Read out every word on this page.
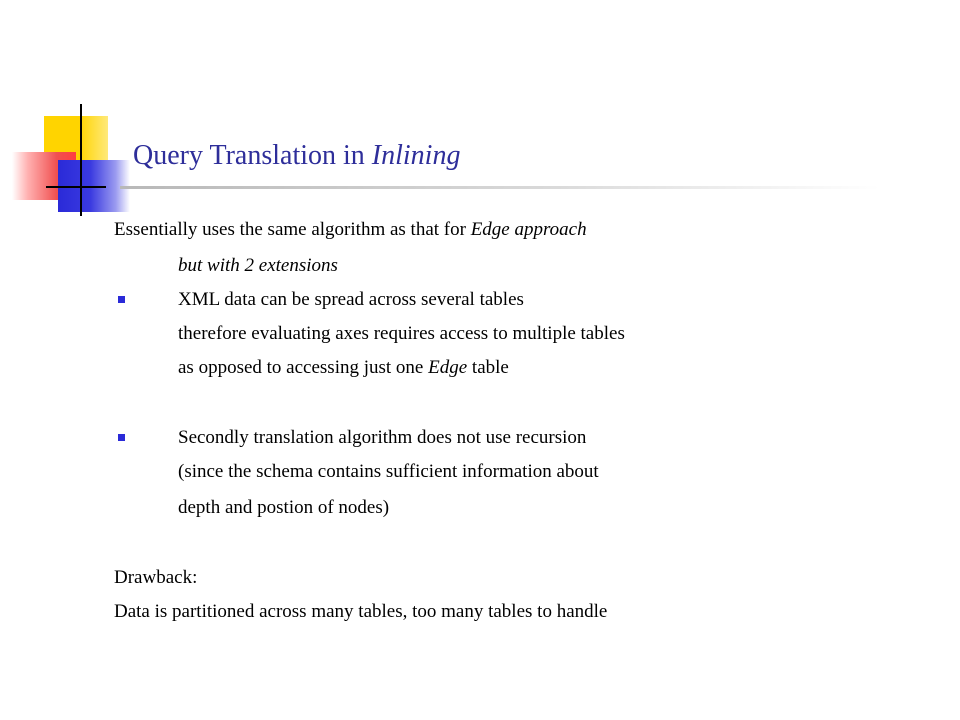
Query Translation in Inlining
Essentially uses the same algorithm as that for Edge approach
but with 2 extensions
XML data can be spread across several tables
therefore evaluating axes requires access to multiple tables
as opposed to accessing just one Edge table
Secondly translation algorithm does not use recursion
(since the schema contains sufficient information about
depth and postion of nodes)
Drawback:
Data is partitioned across many tables, too many tables to handle
